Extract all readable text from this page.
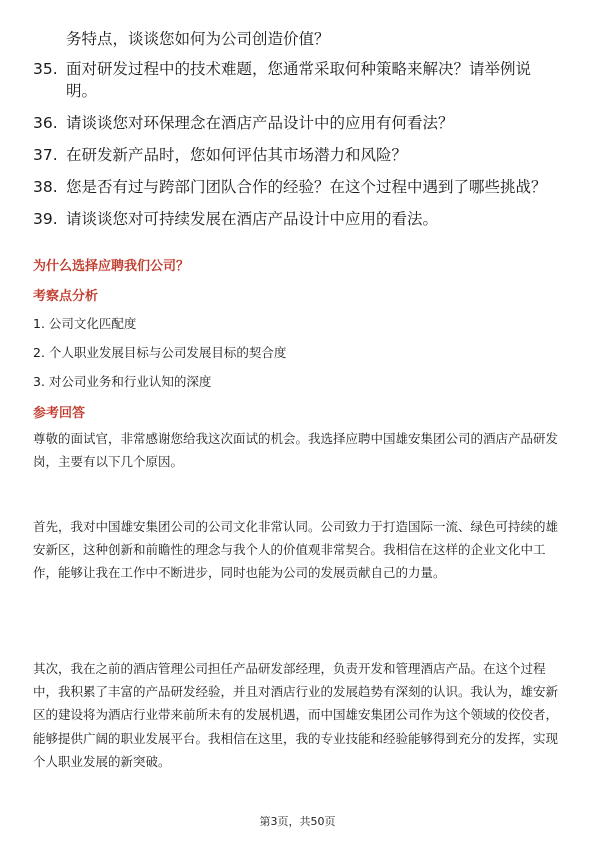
务特点，谈谈您如何为公司创造价值？
35. 面对研发过程中的技术难题，您通常采取何种策略来解决？请举例说明。
36. 请谈谈您对环保理念在酒店产品设计中的应用有何看法？
37. 在研发新产品时，您如何评估其市场潜力和风险？
38. 您是否有过与跨部门团队合作的经验？在这个过程中遇到了哪些挑战？
39. 请谈谈您对可持续发展在酒店产品设计中应用的看法。
为什么选择应聘我们公司？
考察点分析
1. 公司文化匹配度
2. 个人职业发展目标与公司发展目标的契合度
3. 对公司业务和行业认知的深度
参考回答

尊敬的面试官，非常感谢您给我这次面试的机会。我选择应聘中国雄安集团公司的酒店产品研发岗，主要有以下几个原因。

首先，我对中国雄安集团公司的公司文化非常认同。公司致力于打造国际一流、绿色可持续的雄安新区，这种创新和前瞻性的理念与我个人的价值观非常契合。我相信在这样的企业文化中工作，能够让我在工作中不断进步，同时也能为公司的发展贡献自己的力量。

其次，我在之前的酒店管理公司担任产品研发部经理，负责开发和管理酒店产品。在这个过程中，我积累了丰富的产品研发经验，并且对酒店行业的发展趋势有深刻的认识。我认为，雄安新区的建设将为酒店行业带来前所未有的发展机遇，而中国雄安集团公司作为这个领域的佼佼者，能够提供广阔的职业发展平台。我相信在这里，我的专业技能和经验能够得到充分的发挥，实现个人职业发展的新突破。

第3页，共50页
